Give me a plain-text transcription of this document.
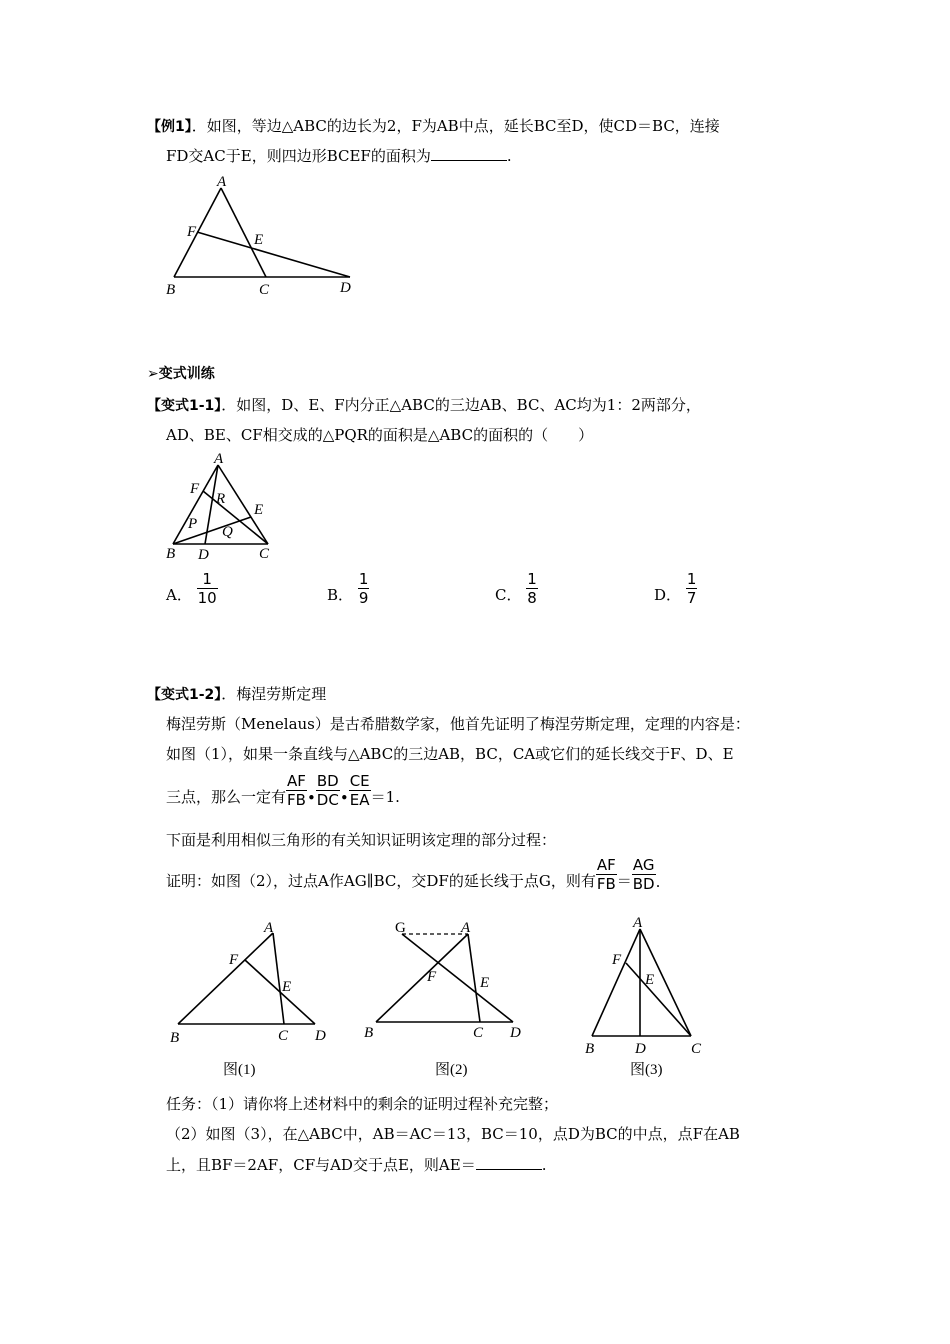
【例1】．如图，等边△ABC的边长为2，F为AB中点，延长BC至D，使CD＝BC，连接
FD交AC于E，则四边形BCEF的面积为	.
A
F	E
B	C	D
➢变式训练
【变式1-1】．如图，D、E、F内分正△ABC的三边AB、BC、AC均为1：2两部分，
AD、BE、CF相交成的△PQR的面积是△ABC的面积的（　　）
A
F
R
E
P Q
B D	C
A． $\frac{1}{10}$	B． $\frac{1}{9}$	C． $\frac{1}{8}$	D． $\frac{1}{7}$
【变式1-2】．梅涅劳斯定理
梅涅劳斯（Menelaus）是古希腊数学家，他首先证明了梅涅劳斯定理，定理的内容是：
如图（1），如果一条直线与△ABC的三边AB，BC，CA或它们的延长线交于F、D、E
三点，那么一定有 $\frac{AF}{FB}$ • $\frac{BD}{DC}$ • $\frac{CE}{EA} =1$.
下面是利用相似三角形的有关知识证明该定理的部分过程：
证明：如图（2），过点A作AG∥BC，交DF的延长线于点G，则有 $\frac{AF}{FB} = \frac{AG}{BD}$ .
A
F
E
B	C D
图(1)
G	A
F	E
B	C D
图(2)
A
F
E
B	D	C
图(3)
任务：（1）请你将上述材料中的剩余的证明过程补充完整；
（2）如图（3），在△ABC中，AB＝AC＝13，BC＝10，点D为BC的中点，点F在AB
上，且BF＝2AF，CF与AD交于点E，则AE＝	.
